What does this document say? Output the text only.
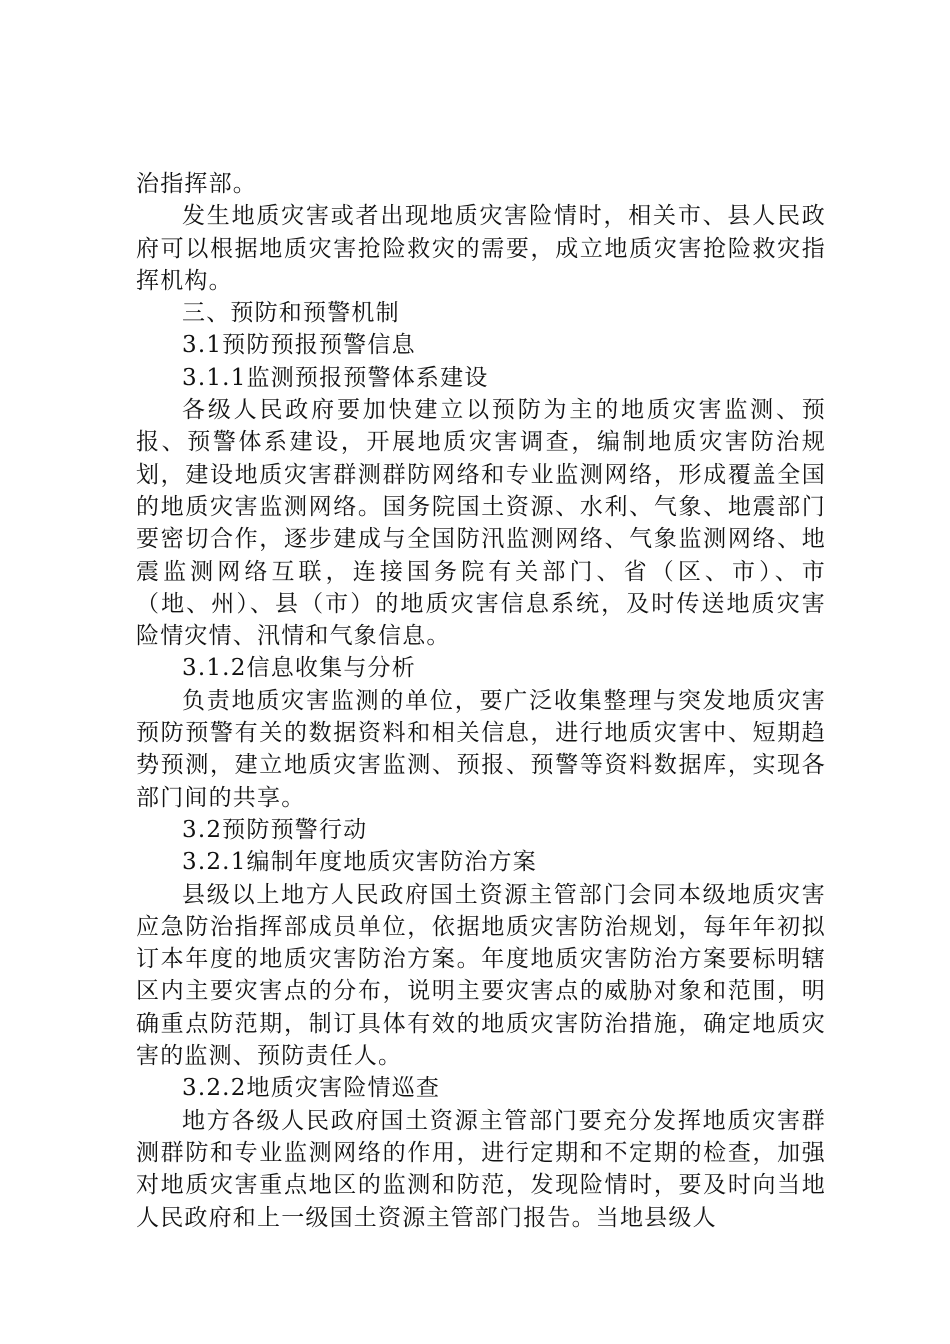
治指挥部。

发生地质灾害或者出现地质灾害险情时，相关市、县人民政府可以根据地质灾害抢险救灾的需要，成立地质灾害抢险救灾指挥机构。

三、预防和预警机制

3.1预防预报预警信息

3.1.1监测预报预警体系建设

各级人民政府要加快建立以预防为主的地质灾害监测、预报、预警体系建设，开展地质灾害调查，编制地质灾害防治规划，建设地质灾害群测群防网络和专业监测网络，形成覆盖全国的地质灾害监测网络。国务院国土资源、水利、气象、地震部门要密切合作，逐步建成与全国防汛监测网络、气象监测网络、地震监测网络互联，连接国务院有关部门、省（区、市）、市（地、州）、县（市）的地质灾害信息系统，及时传送地质灾害险情灾情、汛情和气象信息。

3.1.2信息收集与分析

负责地质灾害监测的单位，要广泛收集整理与突发地质灾害预防预警有关的数据资料和相关信息，进行地质灾害中、短期趋势预测，建立地质灾害监测、预报、预警等资料数据库，实现各部门间的共享。

3.2预防预警行动

3.2.1编制年度地质灾害防治方案

县级以上地方人民政府国土资源主管部门会同本级地质灾害应急防治指挥部成员单位，依据地质灾害防治规划，每年年初拟订本年度的地质灾害防治方案。年度地质灾害防治方案要标明辖区内主要灾害点的分布，说明主要灾害点的威胁对象和范围，明确重点防范期，制订具体有效的地质灾害防治措施，确定地质灾害的监测、预防责任人。

3.2.2地质灾害险情巡查

地方各级人民政府国土资源主管部门要充分发挥地质灾害群测群防和专业监测网络的作用，进行定期和不定期的检查，加强对地质灾害重点地区的监测和防范，发现险情时，要及时向当地人民政府和上一级国土资源主管部门报告。当地县级人
